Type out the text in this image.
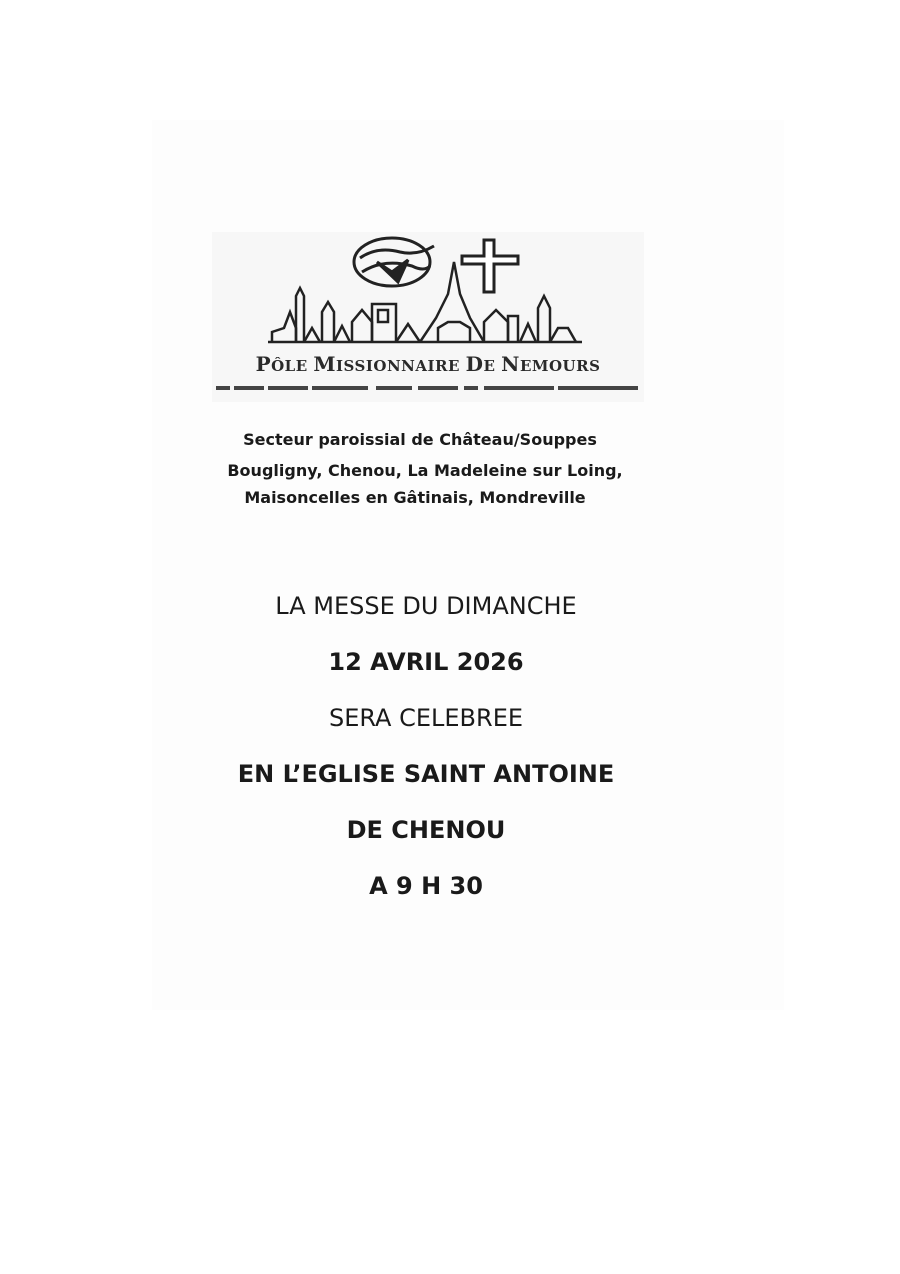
PÔLE MISSIONNAIRE DE NEMOURS
Secteur paroissial de Château/Souppes
Bougligny, Chenou, La Madeleine sur Loing,
Maisoncelles en Gâtinais, Mondreville
LA MESSE DU DIMANCHE
12 AVRIL 2026
SERA CELEBREE
EN L’EGLISE SAINT ANTOINE
DE CHENOU
A 9 H 30
